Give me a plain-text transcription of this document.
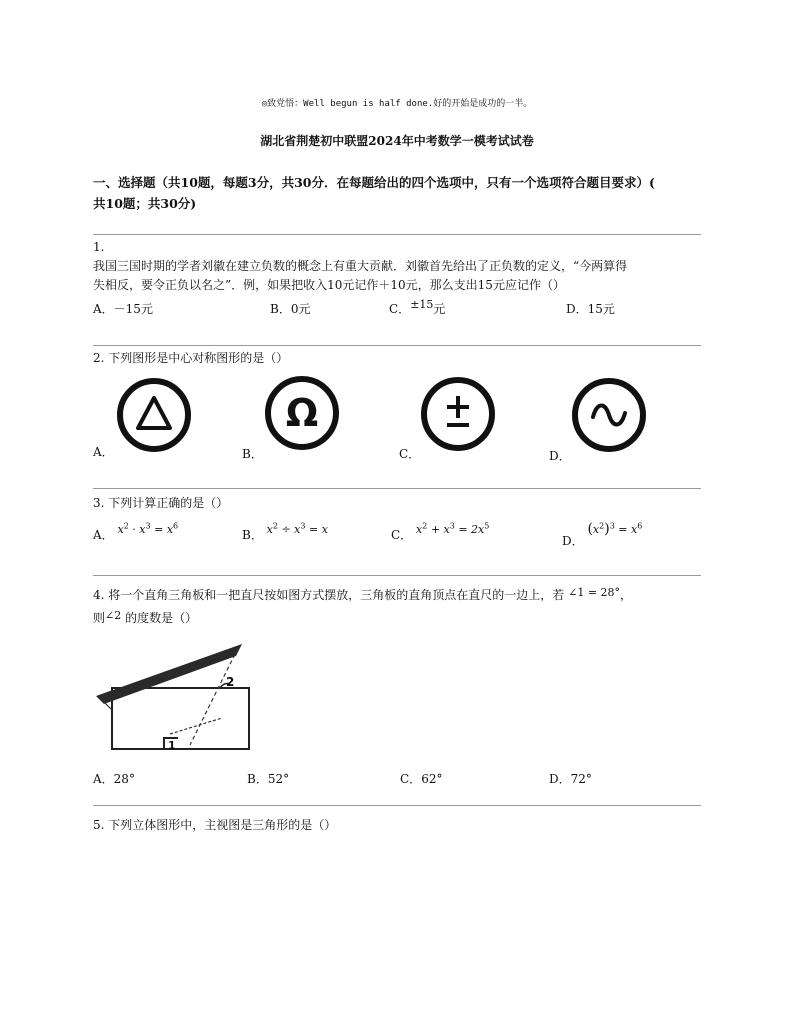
◎致党悟：Well begun is half done.好的开始是成功的一半。
湖北省荆楚初中联盟2024年中考数学一模考试试卷
一、选择题（共10题，每题3分，共30分．在每题给出的四个选项中，只有一个选项符合题目要求）(
共10题；共30分)
1.
我国三国时期的学者刘徽在建立负数的概念上有重大贡献．刘徽首先给出了正负数的定义，“今两算得
失相反，要令正负以名之”．例，如果把收入10元记作＋10元，那么支出15元应记作（）
A．－15元	B．0元	C．±15元	D．15元
2. 下列图形是中心对称图形的是（）
A．	B．
Ω
C．	D．
3. 下列计算正确的是（）
A． $x^2 \cdot x^3 = x^6$
B． $x^2 \div x^3 = x$	C． $x^2 + x^3 = 2x^5$
D． $(x^2)^3 = x^6$
4. 将一个直角三角板和一把直尺按如图方式摆放，三角板的直角顶点在直尺的一边上，若 ∠1 = 28°，
则∠2 的度数是（）
2
1
A．28°	B．52°	C．62°	D．72°
5. 下列立体图形中，主视图是三角形的是（）
